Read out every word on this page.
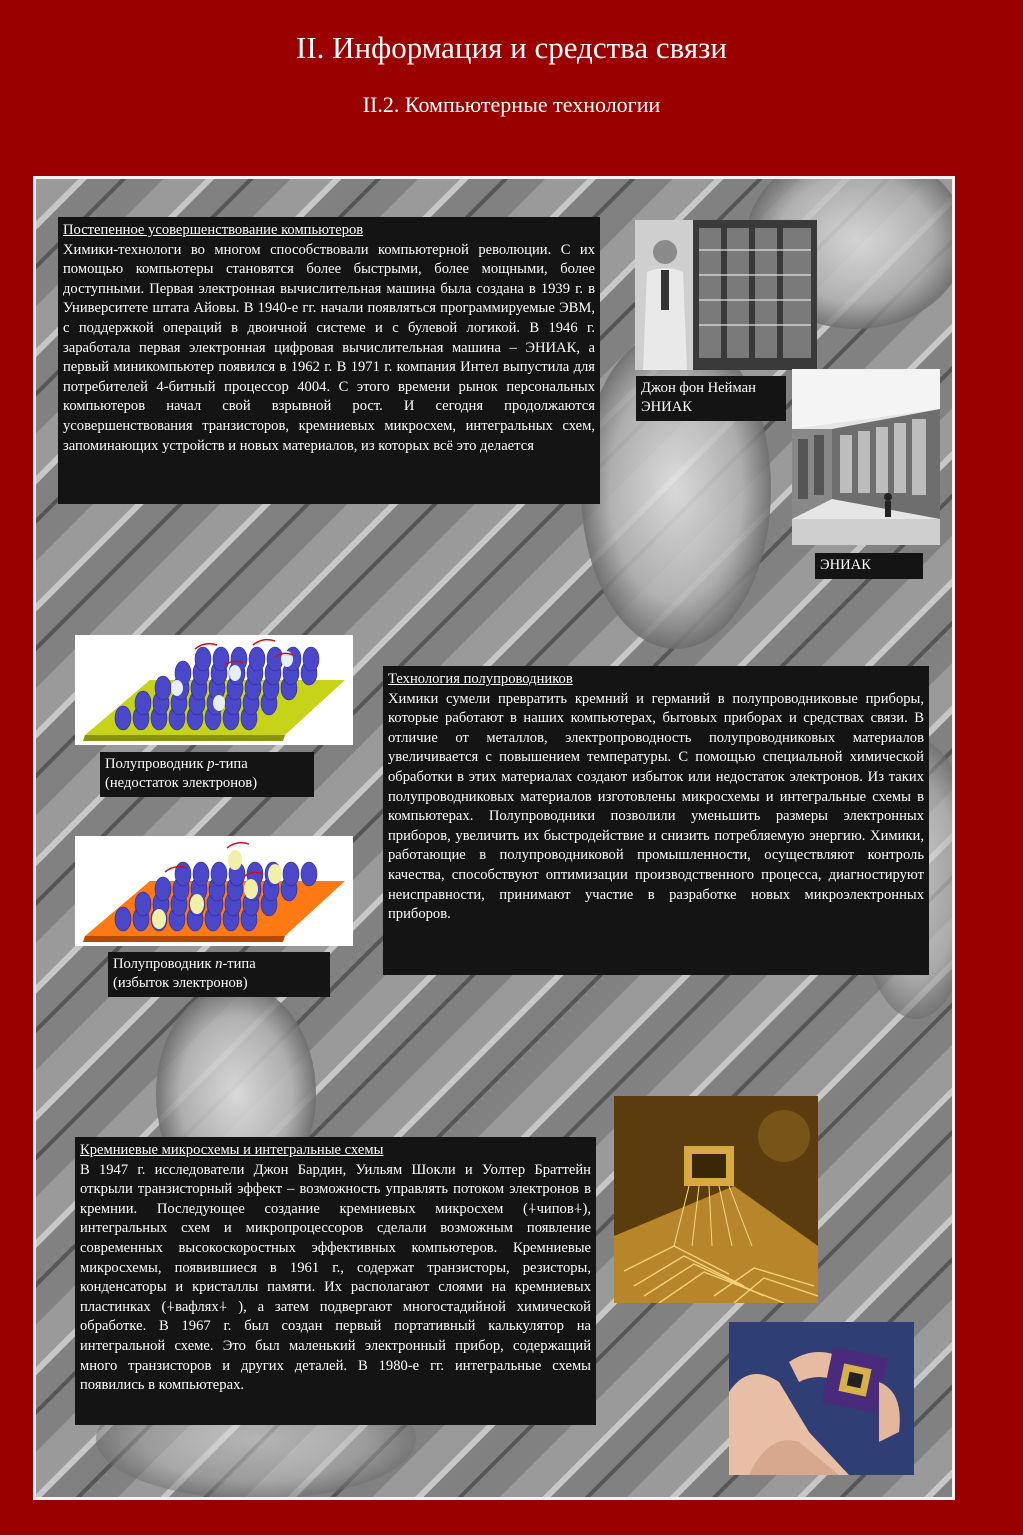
II. Информация и средства связи
II.2. Компьютерные технологии
Постепенное усовершенствование компьютеров
Химики-технологи во многом способствовали компьютерной революции. С их помощью компьютеры становятся более быстрыми, более мощными, более доступными. Первая электронная вычислительная машина была создана в 1939 г. в Университете штата Айовы. В 1940-е гг. начали появляться программируемые ЭВМ, с поддержкой операций в двоичной системе и с булевой логикой. В 1946 г. заработала первая электронная цифровая вычислительная машина – ЭНИАК, а первый миникомпьютер появился в 1962 г. В 1971 г. компания Интел выпустила для потребителей 4-битный процессор 4004. С этого времени рынок персональных компьютеров начал свой взрывной рост. И сегодня продолжаются усовершенствования транзисторов, кремниевых микросхем, интегральных схем, запоминающих устройств и новых материалов, из которых всё это делается
Джон фон Нейман
ЭНИАК
ЭНИАК
Полупроводник p-типа
(недостаток электронов)
Полупроводник n-типа
(избыток электронов)
Технология полупроводников
Химики сумели превратить кремний и германий в полупроводниковые приборы, которые работают в наших компьютерах, бытовых приборах и средствах связи. В отличие от металлов, электропроводность полупроводниковых материалов увеличивается с повышением температуры. С помощью специальной химической обработки в этих материалах создают избыток или недостаток электронов. Из таких полупроводниковых материалов изготовлены микросхемы и интегральные схемы в компьютерах. Полупроводники позволили уменьшить размеры электронных приборов, увеличить их быстродействие и снизить потребляемую энергию. Химики, работающие в полупроводниковой промышленности, осуществляют контроль качества, способствуют оптимизации производственного процесса, диагностируют неисправности, принимают участие в разработке новых микроэлектронных приборов.
Кремниевые микросхемы и интегральные схемы
В 1947 г. исследователи Джон Бардин, Уильям Шокли и Уолтер Браттейн открыли транзисторный эффект – возможность управлять потоком электронов в кремнии. Последующее создание кремниевых микросхем (⍭чипов⍭), интегральных схем и микропроцессоров сделали возможным появление современных высокоскоростных эффективных компьютеров. Кремниевые микросхемы, появившиеся в 1961 г., содержат транзисторы, резисторы, конденсаторы и кристаллы памяти. Их располагают слоями на кремниевых пластинках (⍭вафлях⍭ ), а затем подвергают многостадийной химической обработке. В 1967 г. был создан первый портативный калькулятор на интегральной схеме. Это был маленький электронный прибор, содержащий много транзисторов и других деталей. В 1980-е гг. интегральные схемы появились в компьютерах.
